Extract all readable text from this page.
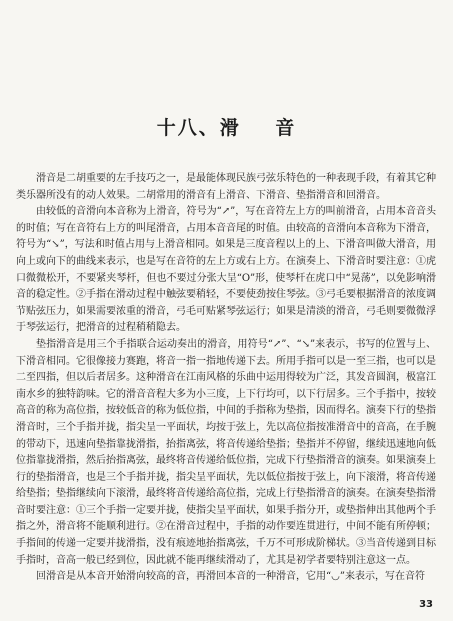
十八、滑 音

滑音是二胡重要的左手技巧之一，是最能体现民族弓弦乐特色的一种表现手段，有着其它种类乐器所没有的动人效果。二胡常用的滑音有上滑音、下滑音、垫指滑音和回滑音。

由较低的音滑向本音称为上滑音，符号为“↗”，写在音符左上方的叫前滑音，占用本音音头的时值；写在音符右上方的叫尾滑音，占用本音音尾的时值。由较高的音滑向本音称为下滑音，符号为“↘”，写法和时值占用与上滑音相同。如果是三度音程以上的上、下滑音叫做大滑音，用向上或向下的曲线来表示，也是写在音符的左上方或右上方。在演奏上、下滑音时要注意：①虎口微微松开，不要紧夹琴杆，但也不要过分张大呈“O”形，使琴杆在虎口中“晃荡”，以免影响滑音的稳定性。②手指在滑动过程中触弦要稍轻，不要使劲按住琴弦。③弓毛要根据滑音的浓度调节贴弦压力，如果需要浓重的滑音，弓毛可贴紧琴弦运行；如果是清淡的滑音，弓毛则要微微浮于琴弦运行，把滑音的过程稍稍隐去。

垫指滑音是用三个手指联合运动奏出的滑音，用符号“↗”、“↘”来表示，书写的位置与上、下滑音相同。它很像接力赛跑，将音一指一指地传递下去。所用手指可以是一至三指，也可以是二至四指，但以后者居多。这种滑音在江南风格的乐曲中运用得较为广泛，其发音圆润，极富江南水乡的独特韵味。它的滑音音程大多为小三度，上下行均可，以下行居多。三个手指中，按较高音的称为高位指，按较低音的称为低位指，中间的手指称为垫指，因而得名。演奏下行的垫指滑音时，三个手指并拢，指尖呈一平面状，均按于弦上，先以高位指按准滑音中的音高，在手腕的带动下，迅速向垫指靠拢滑指，抬指离弦，将音传递给垫指；垫指并不停留，继续迅速地向低位指靠拢滑指，然后抬指离弦，最终将音传递给低位指，完成下行垫指滑音的演奏。如果演奏上行的垫指滑音，也是三个手指并拢，指尖呈平面状，先以低位指按于弦上，向下滚滑，将音传递给垫指；垫指继续向下滚滑，最终将音传递给高位指，完成上行垫指滑音的演奏。在演奏垫指滑音时要注意：①三个手指一定要并拢，使指尖呈平面状，如果手指分开，或垫指伸出其他两个手指之外，滑音将不能顺利进行。②在滑音过程中，手指的动作要连贯进行，中间不能有所停顿；手指间的传递一定要并拢滑指，没有痕迹地抬指离弦，千万不可形成阶梯状。③当音传递到目标手指时，音高一般已经到位，因此就不能再继续滑动了，尤其是初学者要特别注意这一点。

回滑音是从本音开始滑向较高的音，再滑回本音的一种滑音，它用“◡”来表示，写在音符

33
